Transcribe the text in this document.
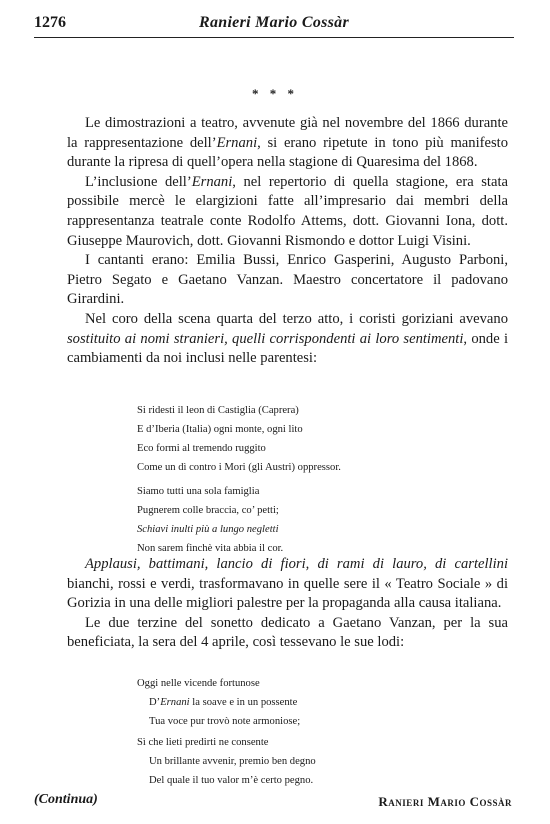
1276	Ranieri Mario Cossàr
* * *

Le dimostrazioni a teatro, avvenute già nel novembre del 1866 durante la rappresentazione dell’Ernani, si erano ripetute in tono più manifesto durante la ripresa di quell’opera nella stagione di Quaresima del 1868.

L’inclusione dell’Ernani, nel repertorio di quella stagione, era stata possibile mercè le elargizioni fatte all’impresario dai membri della rappresentanza teatrale conte Rodolfo Attems, dott. Giovanni Iona, dott. Giuseppe Maurovich, dott. Giovanni Rismondo e dottor Luigi Visini.

I cantanti erano: Emilia Bussi, Enrico Gasperini, Augusto Parboni, Pietro Segato e Gaetano Vanzan. Maestro concertatore il padovano Girardini.

Nel coro della scena quarta del terzo atto, i coristi goriziani avevano sostituito ai nomi stranieri, quelli corrispondenti ai loro sentimenti, onde i cambiamenti da noi inclusi nelle parentesi:

Si ridesti il leon di Castiglia (Caprera)
E d’Iberia (Italia) ogni monte, ogni lito
Eco formi al tremendo ruggito
Come un dì contro i Mori (gli Austri) oppressor.
Siamo tutti una sola famiglia
Pugnerem colle braccia, co’ petti;
Schiavi inulti più a lungo negletti
Non sarem finchè vita abbia il cor.

Applausi, battimani, lancio di fiori, di rami di lauro, di cartellini bianchi, rossi e verdi, trasformavano in quelle sere il « Teatro Sociale » di Gorizia in una delle migliori palestre per la propaganda alla causa italiana.

Le due terzine del sonetto dedicato a Gaetano Vanzan, per la sua beneficiata, la sera del 4 aprile, così tessevano le sue lodi:

Oggi nelle vicende fortunose
D’Ernani la soave e in un possente
Tua voce pur trovò note armoniose;
Sì che lieti predirti ne consente
Un brillante avvenir, premio ben degno
Del quale il tuo valor m’è certo pegno.
(Continua)	Ranieri Mario Cossàr
